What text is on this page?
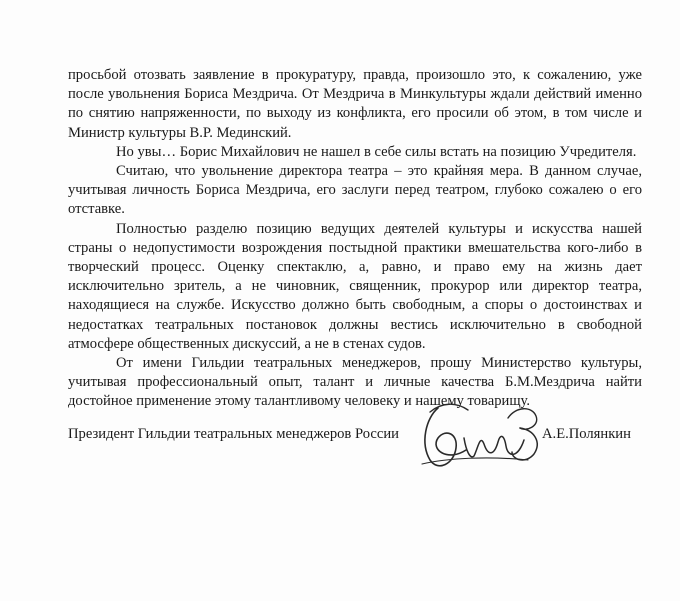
просьбой отозвать заявление в прокуратуру, правда, произошло это, к сожалению, уже после увольнения Бориса Мездрича. От Мездрича в Минкультуры ждали действий именно по снятию напряженности, по выходу из конфликта, его просили об этом, в том числе и Министр культуры В.Р. Мединский.

Но увы… Борис Михайлович не нашел в себе силы встать на позицию Учредителя.

Считаю, что увольнение директора театра – это крайняя мера. В данном случае, учитывая личность Бориса Мездрича, его заслуги перед театром, глубоко сожалею о его отставке.

Полностью разделю позицию ведущих деятелей культуры и искусства нашей страны о недопустимости возрождения постыдной практики вмешательства кого-либо в творческий процесс. Оценку спектаклю, а, равно, и право ему на жизнь дает исключительно зритель, а не чиновник, священник, прокурор или директор театра, находящиеся на службе. Искусство должно быть свободным, а споры о достоинствах и недостатках театральных постановок должны вестись исключительно в свободной атмосфере общественных дискуссий, а не в стенах судов.

От имени Гильдии театральных менеджеров, прошу Министерство культуры, учитывая профессиональный опыт, талант и личные качества Б.М.Мездрича найти достойное применение этому талантливому человеку и нашему товарищу.

Президент Гильдии театральных менеджеров России	А.Е.Полянкин
